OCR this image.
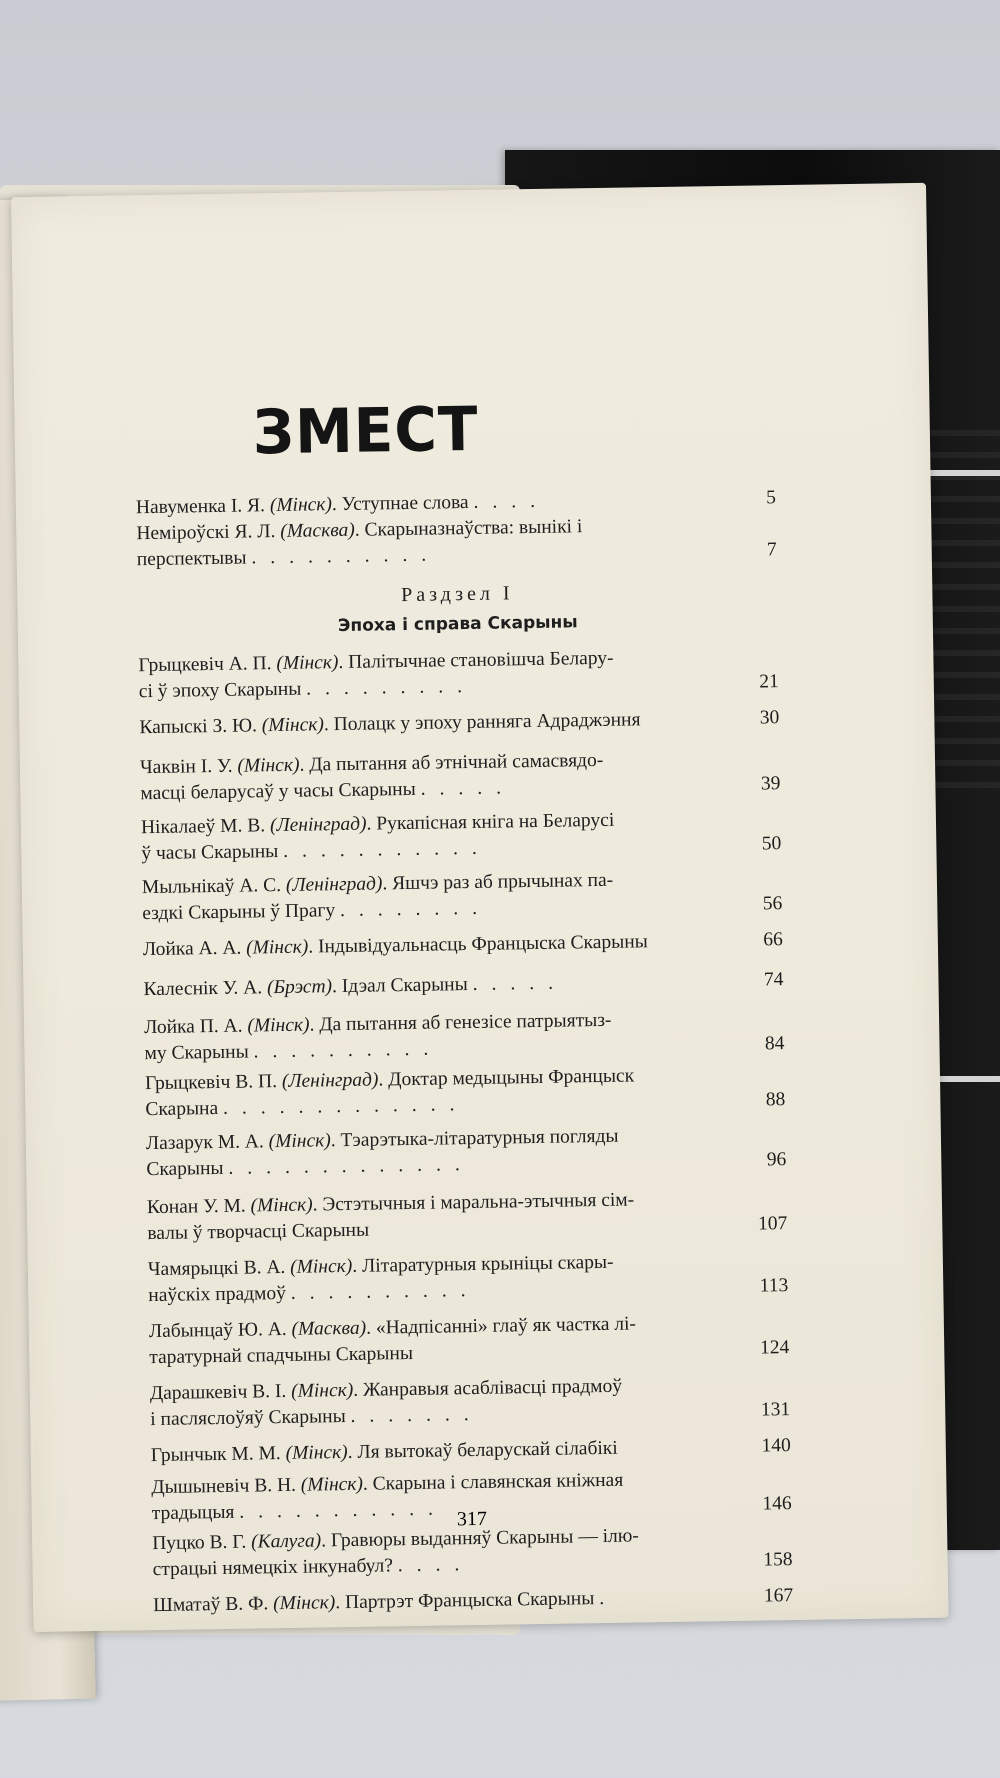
ЗМЕСТ
Навуменка І. Я. (Мінск). Уступнае слова ....	5
Неміроўскі Я. Л. (Масква). Скарыназнаўства: вынікі і
перспектывы ..........	7
Раздзел І
Эпоха і справа Скарыны
Грыцкевіч А. П. (Мінск). Палітычнае становішча Белару-
сі ў эпоху Скарыны .........	21
Капыскі З. Ю. (Мінск). Полацк у эпоху ранняга Адраджэння	30
Чаквін І. У. (Мінск). Да пытання аб этнічнай самасвядо-
масці беларусаў у часы Скарыны .....	39
Нікалаеў М. В. (Ленінград). Рукапісная кніга на Беларусі
ў часы Скарыны ...........	50
Мыльнікаў А. С. (Ленінград). Яшчэ раз аб прычынах па-
ездкі Скарыны ў Прагу ........	56
Лойка А. А. (Мінск). Індывідуальнасць Францыска Скарыны	66
Калеснік У. А. (Брэст). Ідэал Скарыны .....	74
Лойка П. А. (Мінск). Да пытання аб генезісе патрыятыз-
му Скарыны ..........	84
Грыцкевіч В. П. (Ленінград). Доктар медыцыны Францыск
Скарына .............	88
Лазарук М. А. (Мінск). Тэарэтыка-літаратурныя погляды
Скарыны .............	96
Конан У. М. (Мінск). Эстэтычныя і маральна-этычныя сім-
валы ў творчасці Скарыны	107
Чамярыцкі В. А. (Мінск). Літаратурныя крыніцы скары-
наўскіх прадмоў ..........	113
Лабынцаў Ю. А. (Масква). «Надпісанні» глаў як частка лі-
таратурнай спадчыны Скарыны	124
Дарашкевіч В. І. (Мінск). Жанравыя асаблівасці прадмоў
і пасляслоўяў Скарыны .......	131
Грынчык М. М. (Мінск). Ля вытокаў беларускай сілабікі	140
Дышыневіч В. Н. (Мінск). Скарына і славянская кніжная
традыцыя ...........	146
Пуцко В. Г. (Калуга). Гравюры выданняў Скарыны — ілю-
страцыі нямецкіх інкунабул? ....	158
Шматаў В. Ф. (Мінск). Партрэт Францыска Скарыны .	167
317
